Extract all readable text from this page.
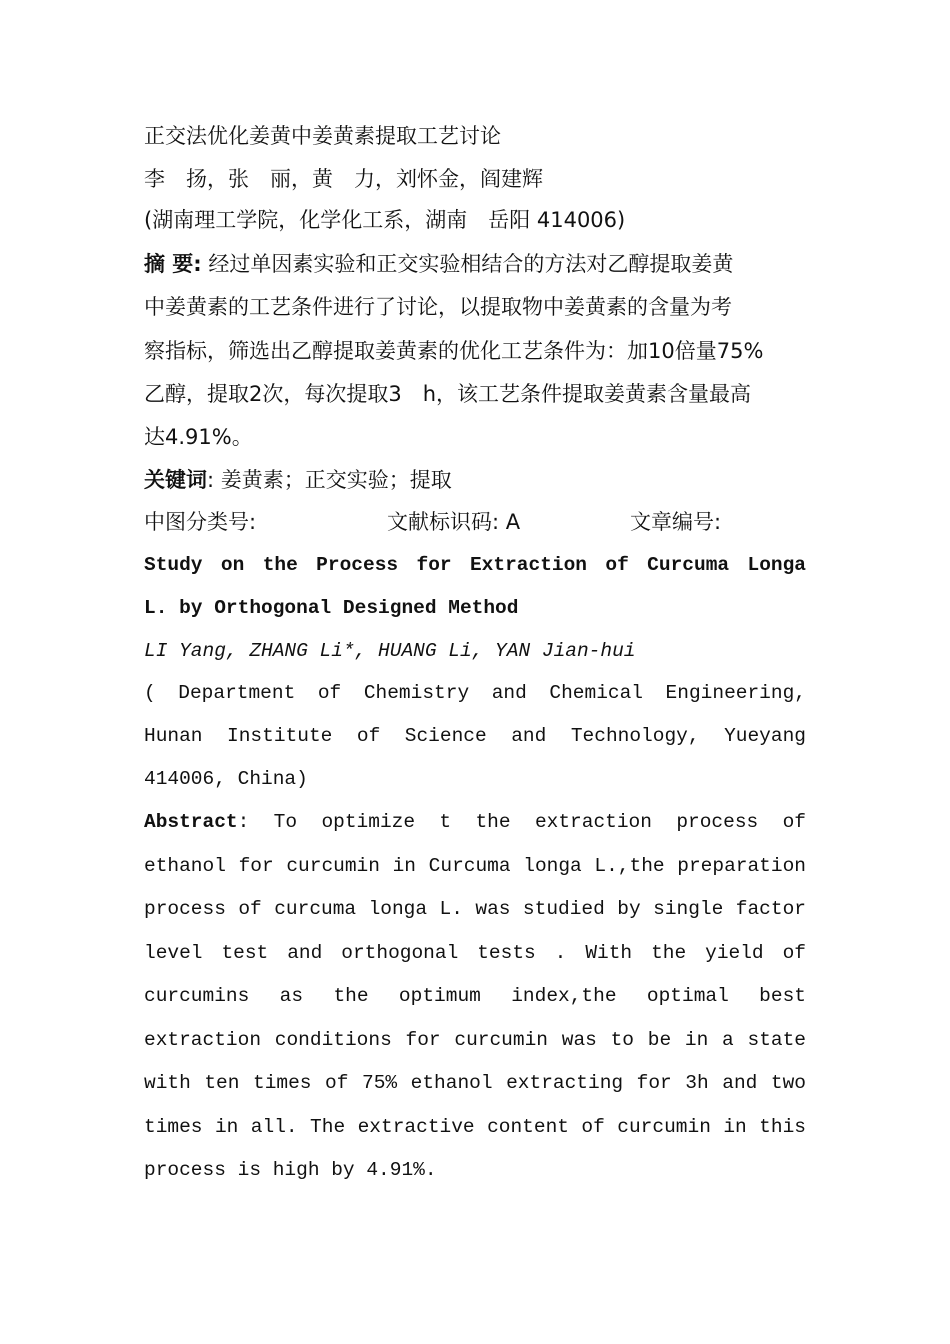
正交法优化姜黄中姜黄素提取工艺讨论
李　扬，张　丽，黄　力，刘怀金，阎建辉
(湖南理工学院，化学化工系，湖南　岳阳 414006)
摘 要: 经过单因素实验和正交实验相结合的方法对乙醇提取姜黄
中姜黄素的工艺条件进行了讨论，以提取物中姜黄素的含量为考
察指标，筛选出乙醇提取姜黄素的优化工艺条件为：加10倍量75%
乙醇，提取2次，每次提取3　h，该工艺条件提取姜黄素含量最高
达4.91%。
关键词: 姜黄素；正交实验；提取
中图分类号:	文献标识码: A	文章编号:
Study on the Process for Extraction of Curcuma Longa
L. by Orthogonal Designed Method
LI Yang, ZHANG Li*, HUANG Li, YAN Jian-hui
( Department of Chemistry and Chemical Engineering,
Hunan Institute of Science and Technology, Yueyang
414006, China)
Abstract: To optimize t the extraction process of
ethanol for curcumin in Curcuma longa L.,the preparation
process of curcuma longa L. was studied by single factor
level test and orthogonal tests . With the yield of
curcumins as the optimum index,the optimal best
extraction conditions for curcumin was to be in a state
with ten times of 75% ethanol extracting for 3h and two
times in all. The extractive content of curcumin in this
process is high by 4.91%.
